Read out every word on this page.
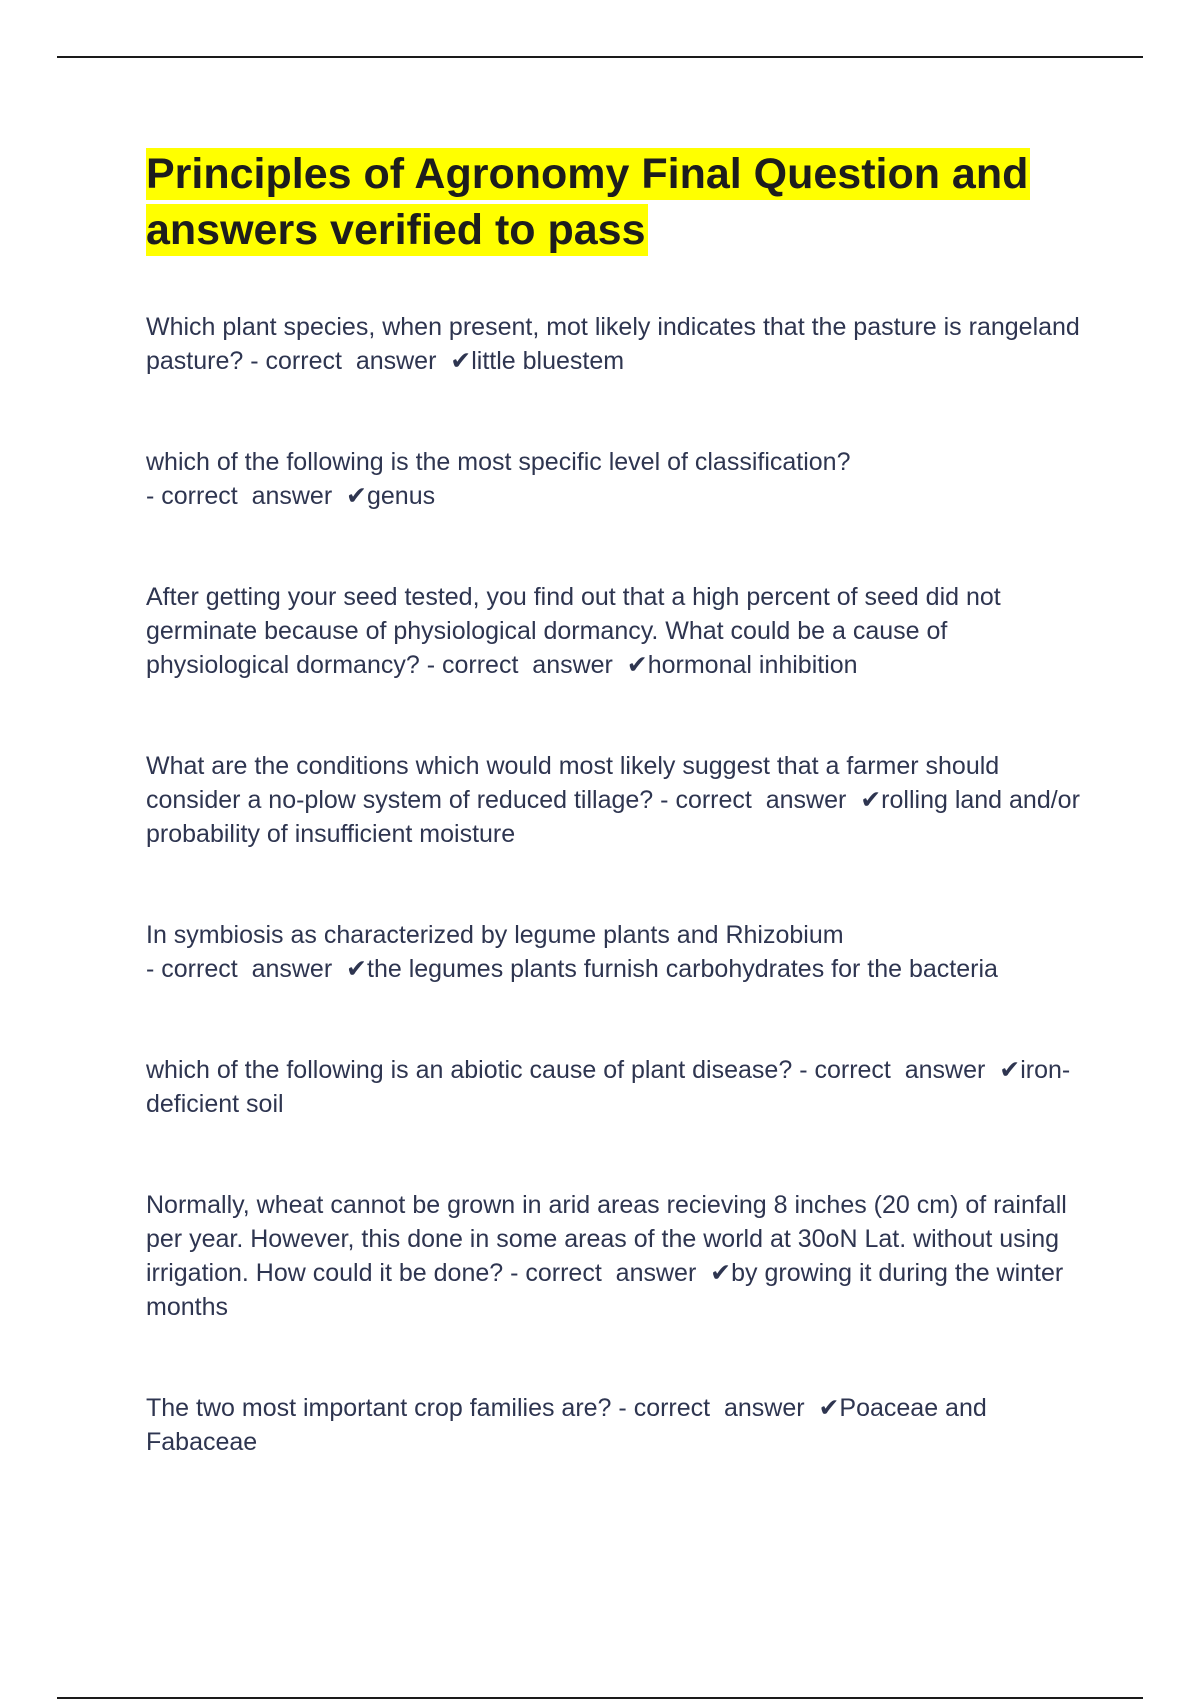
Principles of Agronomy Final Question and answers verified to pass

Which plant species, when present, mot likely indicates that the pasture is rangeland pasture? - correct  answer  ✔little bluestem

which of the following is the most specific level of classification? - correct  answer  ✔genus

After getting your seed tested, you find out that a high percent of seed did not germinate because of physiological dormancy. What could be a cause of physiological dormancy? - correct  answer  ✔hormonal inhibition

What are the conditions which would most likely suggest that a farmer should consider a no-plow system of reduced tillage? - correct  answer  ✔rolling land and/or probability of insufficient moisture

In symbiosis as characterized by legume plants and Rhizobium - correct  answer  ✔the legumes plants furnish carbohydrates for the bacteria

which of the following is an abiotic cause of plant disease? - correct  answer  ✔iron-deficient soil

Normally, wheat cannot be grown in arid areas recieving 8 inches (20 cm) of rainfall per year. However, this done in some areas of the world at 30oN Lat. without using irrigation. How could it be done? - correct  answer  ✔by growing it during the winter months

The two most important crop families are? - correct  answer  ✔Poaceae and Fabaceae
